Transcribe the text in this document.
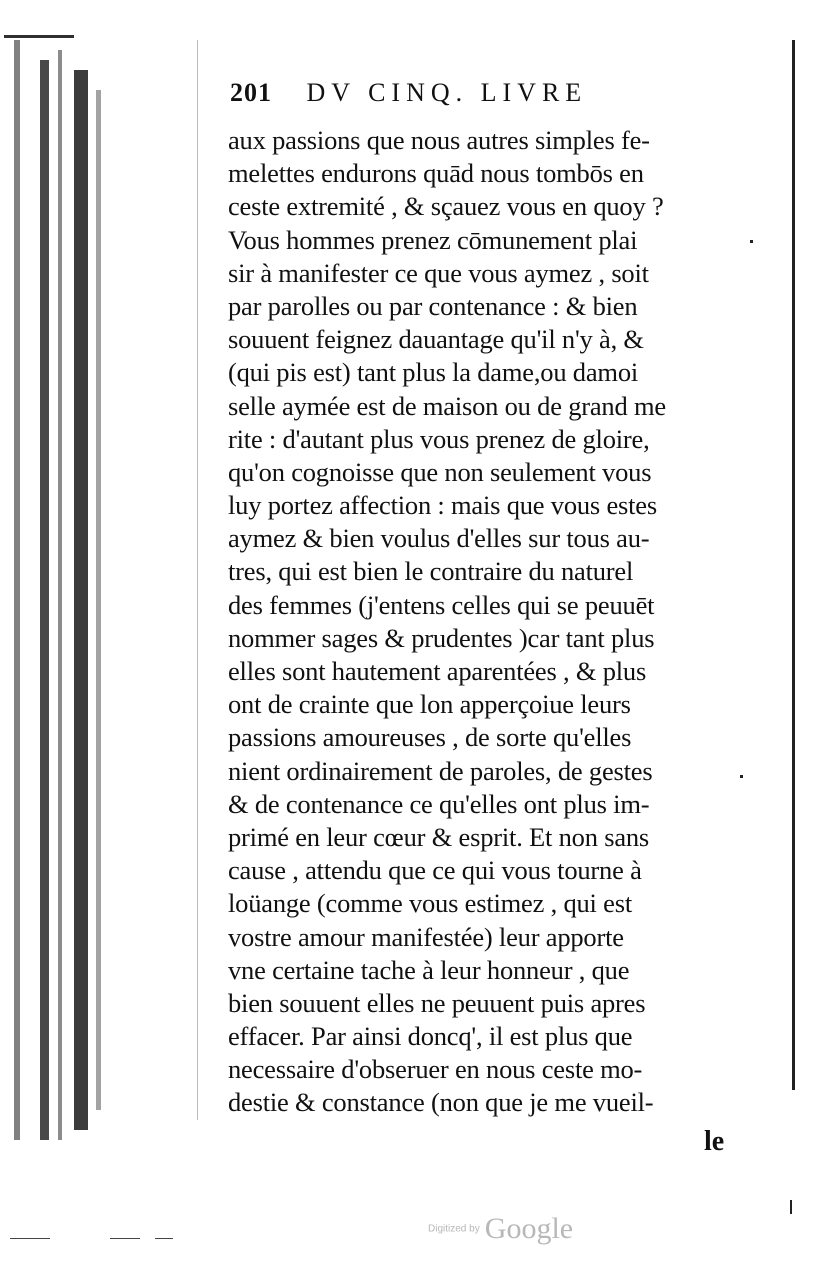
201 DV CINQ. LIVRE
aux passions que nous autres simples fe-
melettes endurons quād nous tombōs en
ceste extremité , & sçauez vous en quoy ?
Vous hommes prenez cōmunement plai
sir à manifester ce que vous aymez , soit
par parolles ou par contenance : & bien
souuent feignez dauantage qu'il n'y à, &
(qui pis est) tant plus la dame,ou damoi
selle aymée est de maison ou de grand me
rite : d'autant plus vous prenez de gloire,
qu'on cognoisse que non seulement vous
luy portez affection : mais que vous estes
aymez & bien voulus d'elles sur tous au-
tres, qui est bien le contraire du naturel
des femmes (j'entens celles qui se peuuēt
nommer sages & prudentes )car tant plus
elles sont hautement aparentées , & plus
ont de crainte que lon apperçoiue leurs
passions amoureuses , de sorte qu'elles
nient ordinairement de paroles, de gestes
& de contenance ce qu'elles ont plus im-
primé en leur cœur & esprit. Et non sans
cause , attendu que ce qui vous tourne à
loüange (comme vous estimez , qui est
vostre amour manifestée) leur apporte
vne certaine tache à leur honneur , que
bien souuent elles ne peuuent puis apres
effacer. Par ainsi doncq', il est plus que
necessaire d'obseruer en nous ceste mo-
destie & constance (non que je me vueil-
le
Digitized by Google
